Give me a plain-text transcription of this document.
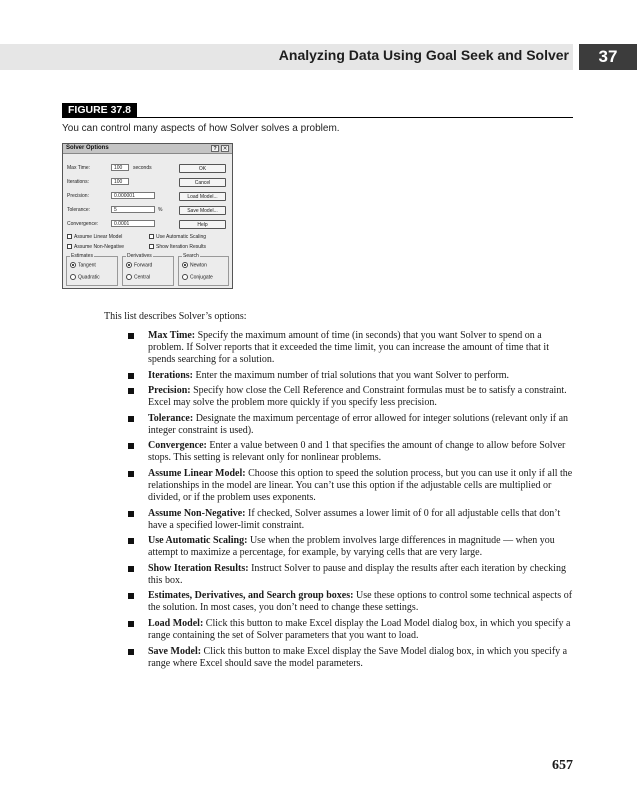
Analyzing Data Using Goal Seek and Solver	37
FIGURE 37.8
You can control many aspects of how Solver solves a problem.
Solver Options	?	✕
Max Time:	100	seconds
Iterations:	100
Precision:	0.000001
Tolerance:	5	%
Convergence:	0.0001
OK
Cancel
Load Model...
Save Model...
Help
Assume Linear Model
Assume Non-Negative
Use Automatic Scaling
Show Iteration Results
Estimates
Tangent
Quadratic
Derivatives
Forward
Central
Search
Newton
Conjugate
This list describes Solver’s options:
Max Time: Specify the maximum amount of time (in seconds) that you want Solver to spend on a problem. If Solver reports that it exceeded the time limit, you can increase the amount of time that it spends searching for a solution.
Iterations: Enter the maximum number of trial solutions that you want Solver to perform.
Precision: Specify how close the Cell Reference and Constraint formulas must be to satisfy a constraint. Excel may solve the problem more quickly if you specify less precision.
Tolerance: Designate the maximum percentage of error allowed for integer solutions (relevant only if an integer constraint is used).
Convergence: Enter a value between 0 and 1 that specifies the amount of change to allow before Solver stops. This setting is relevant only for nonlinear problems.
Assume Linear Model: Choose this option to speed the solution process, but you can use it only if all the relationships in the model are linear. You can’t use this option if the adjustable cells are multiplied or divided, or if the problem uses exponents.
Assume Non-Negative: If checked, Solver assumes a lower limit of 0 for all adjustable cells that don’t have a specified lower-limit constraint.
Use Automatic Scaling: Use when the problem involves large differences in magnitude — when you attempt to maximize a percentage, for example, by varying cells that are very large.
Show Iteration Results: Instruct Solver to pause and display the results after each iteration by checking this box.
Estimates, Derivatives, and Search group boxes: Use these options to control some technical aspects of the solution. In most cases, you don’t need to change these settings.
Load Model: Click this button to make Excel display the Load Model dialog box, in which you specify a range containing the set of Solver parameters that you want to load.
Save Model: Click this button to make Excel display the Save Model dialog box, in which you specify a range where Excel should save the model parameters.
657
